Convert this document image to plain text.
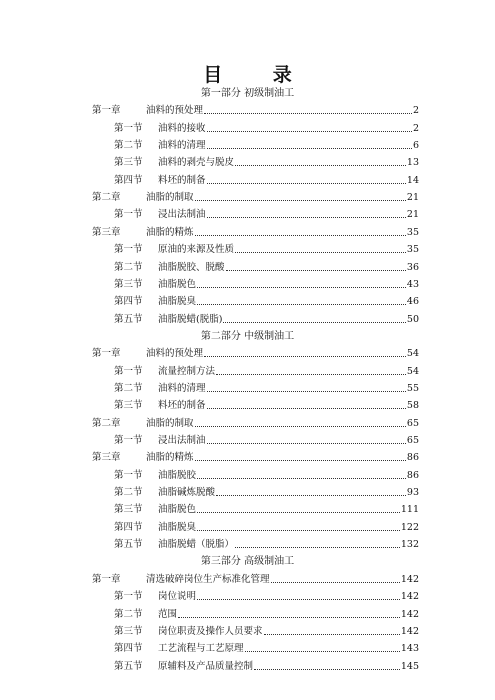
目 录
第一部分 初级制油工
第一章	油料的预处理	2
第一节	油料的接收	2
第二节	油料的清理	6
第三节	油料的剥壳与脱皮	13
第四节	料坯的制备	14
第二章	油脂的制取	21
第一节	浸出法制油	21
第三章	油脂的精炼	35
第一节	原油的来源及性质	35
第二节	油脂脱胶、脱酸	36
第三节	油脂脱色	43
第四节	油脂脱臭	46
第五节	油脂脱蜡(脱脂)	50
第二部分 中级制油工
第一章	油料的预处理	54
第一节	流量控制方法	54
第二节	油料的清理	55
第三节	料坯的制备	58
第二章	油脂的制取	65
第一节	浸出法制油	65
第三章	油脂的精炼	86
第一节	油脂脱胶	86
第二节	油脂碱炼脱酸	93
第三节	油脂脱色	111
第四节	油脂脱臭	122
第五节	油脂脱蜡（脱脂）	132
第三部分 高级制油工
第一章	清选破碎岗位生产标准化管理	142
第一节	岗位说明	142
第二节	范围	142
第三节	岗位职责及操作人员要求	142
第四节	工艺流程与工艺原理	143
第五节	原辅料及产品质量控制	145
